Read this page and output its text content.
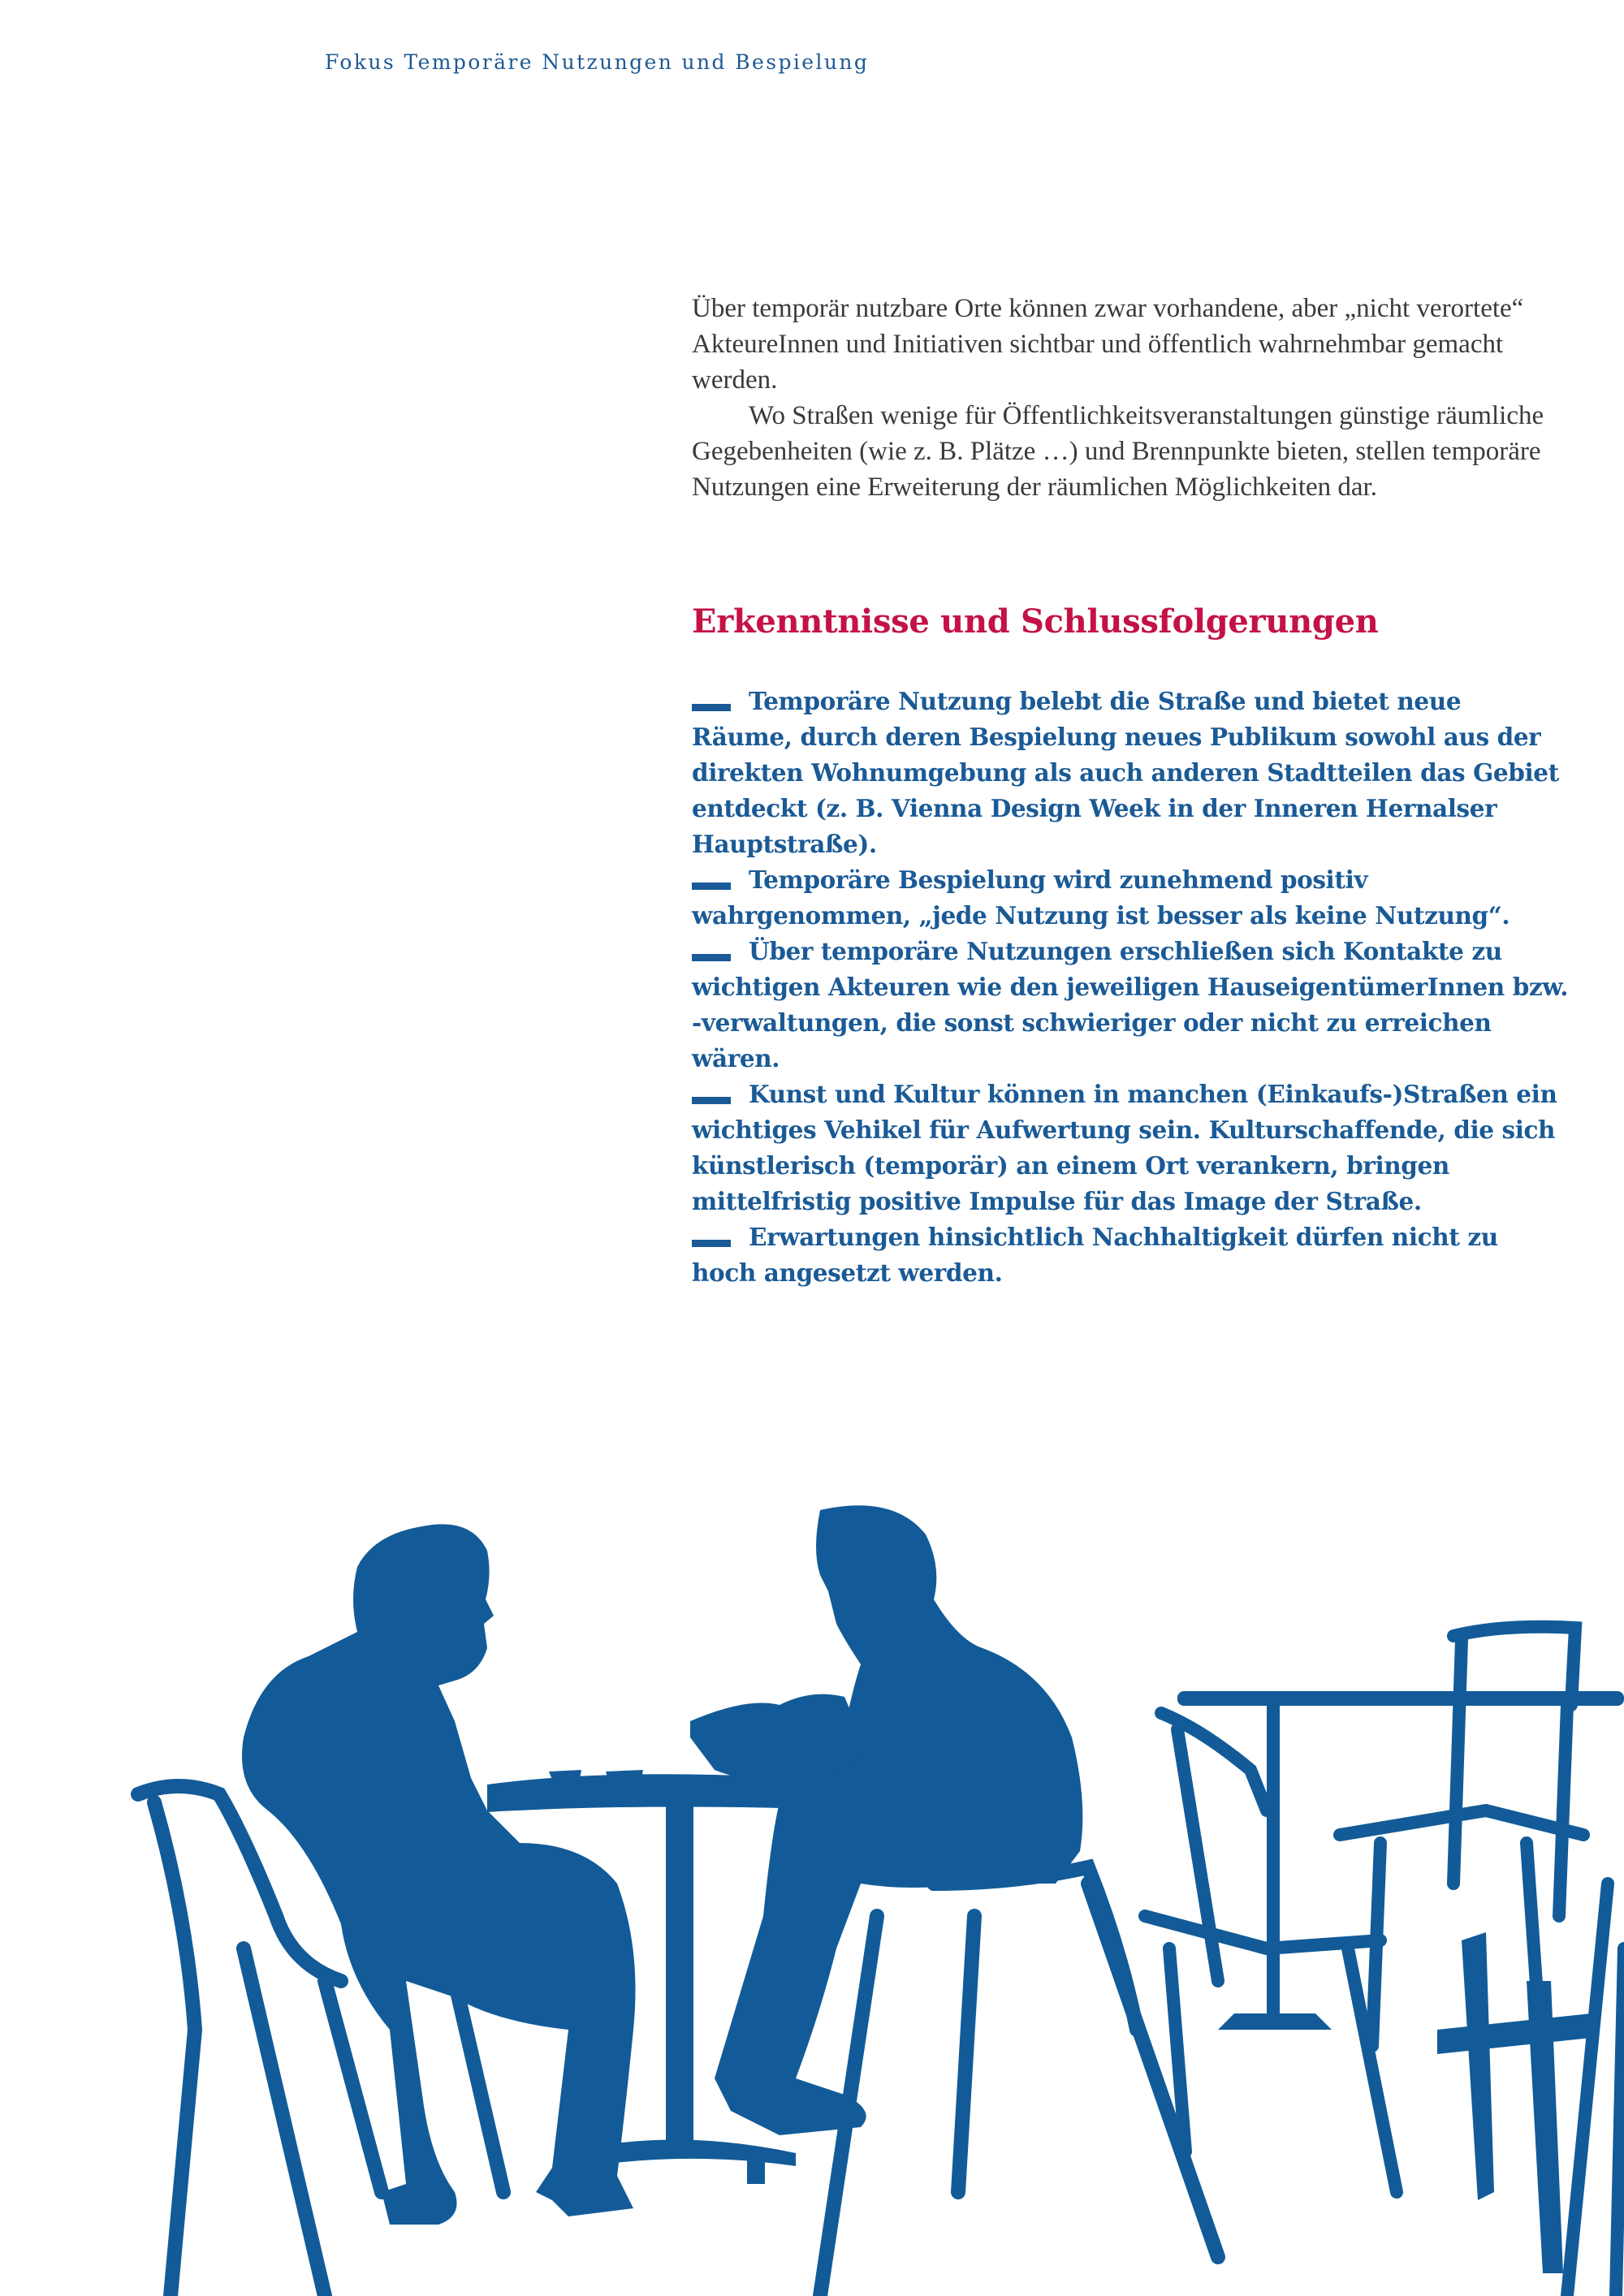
Fokus Temporäre Nutzungen und Bespielung

Über temporär nutzbare Orte können zwar vorhandene, aber „nicht verortete“ AkteureInnen und Initiativen sichtbar und öffentlich wahrnehmbar gemacht werden.

Wo Straßen wenige für Öffentlichkeitsveranstaltungen günstige räumliche Gegebenheiten (wie z. B. Plätze …) und Brennpunkte bieten, stellen temporäre Nutzungen eine Erweiterung der räumlichen Möglichkeiten dar.

Erkenntnisse und Schlussfolgerungen

Temporäre Nutzung belebt die Straße und bietet neue Räume, durch deren Bespielung neues Publikum sowohl aus der direkten Wohnumgebung als auch anderen Stadtteilen das Gebiet entdeckt (z. B. Vienna Design Week in der Inneren Hernalser Hauptstraße).

Temporäre Bespielung wird zunehmend positiv wahrgenommen, „jede Nutzung ist besser als keine Nutzung“.

Über temporäre Nutzungen erschließen sich Kontakte zu wichtigen Akteuren wie den jeweiligen HauseigentümerInnen bzw. -verwaltungen, die sonst schwieriger oder nicht zu erreichen wären.

Kunst und Kultur können in manchen (Einkaufs-)Straßen ein wichtiges Vehikel für Aufwertung sein. Kulturschaffende, die sich künstlerisch (temporär) an einem Ort verankern, bringen mittelfristig positive Impulse für das Image der Straße.

Erwartungen hinsichtlich Nachhaltigkeit dürfen nicht zu hoch angesetzt werden.
